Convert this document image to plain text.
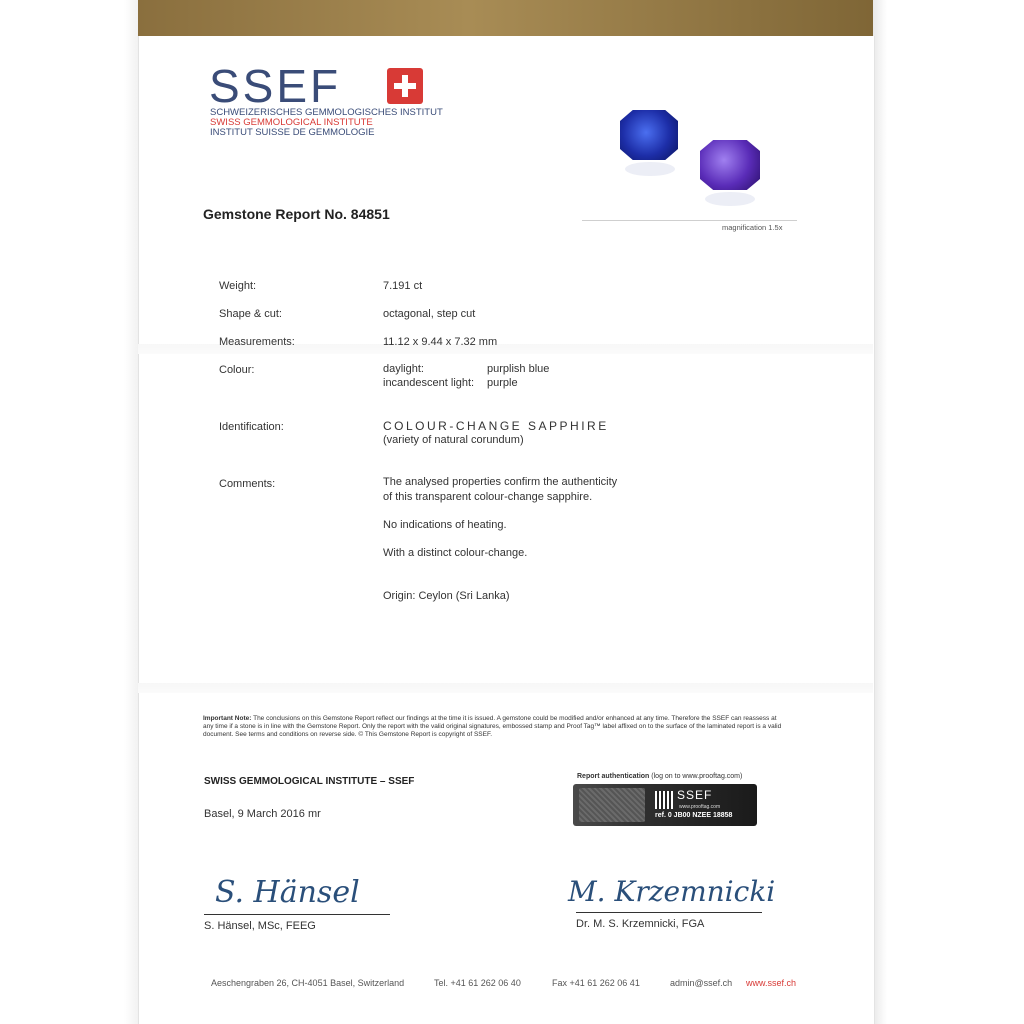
SSEF
SCHWEIZERISCHES GEMMOLOGISCHES INSTITUT
SWISS GEMMOLOGICAL INSTITUTE
INSTITUT SUISSE DE GEMMOLOGIE
magnification 1.5x
Gemstone Report No. 84851
Weight:	7.191 ct
Shape & cut:	octagonal, step cut
Measurements:	11.12 x 9.44 x 7.32 mm
Colour:	daylight:	purplish blue
incandescent light: purple
Identification:	COLOUR-CHANGE SAPPHIRE
(variety of natural corundum)
Comments:	The analysed properties confirm the authenticity
of this transparent colour-change sapphire.
No indications of heating.
With a distinct colour-change.
Origin: Ceylon (Sri Lanka)
Important Note: The conclusions on this Gemstone Report reflect our findings at the time it is issued. A gemstone could be modified and/or enhanced at any time. Therefore the SSEF can reassess at any time if a stone is in line with the Gemstone Report. Only the report with the valid original signatures, embossed stamp and Proof Tag™ label affixed on to the surface of the laminated report is a valid document. See terms and conditions on reverse side. © This Gemstone Report is copyright of SSEF.
SWISS GEMMOLOGICAL INSTITUTE – SSEF
Basel, 9 March 2016 mr
Report authentication (log on to www.prooftag.com)
SSEF
www.prooftag.com
ref. 0 JB00 NZEE 18858
S. Hänsel
S. Hänsel, MSc, FEEG
M. Krzemnicki
Dr. M. S. Krzemnicki, FGA
Aeschengraben 26, CH-4051 Basel, Switzerland	Tel. +41 61 262 06 40	Fax +41 61 262 06 41	admin@ssef.ch www.ssef.ch
